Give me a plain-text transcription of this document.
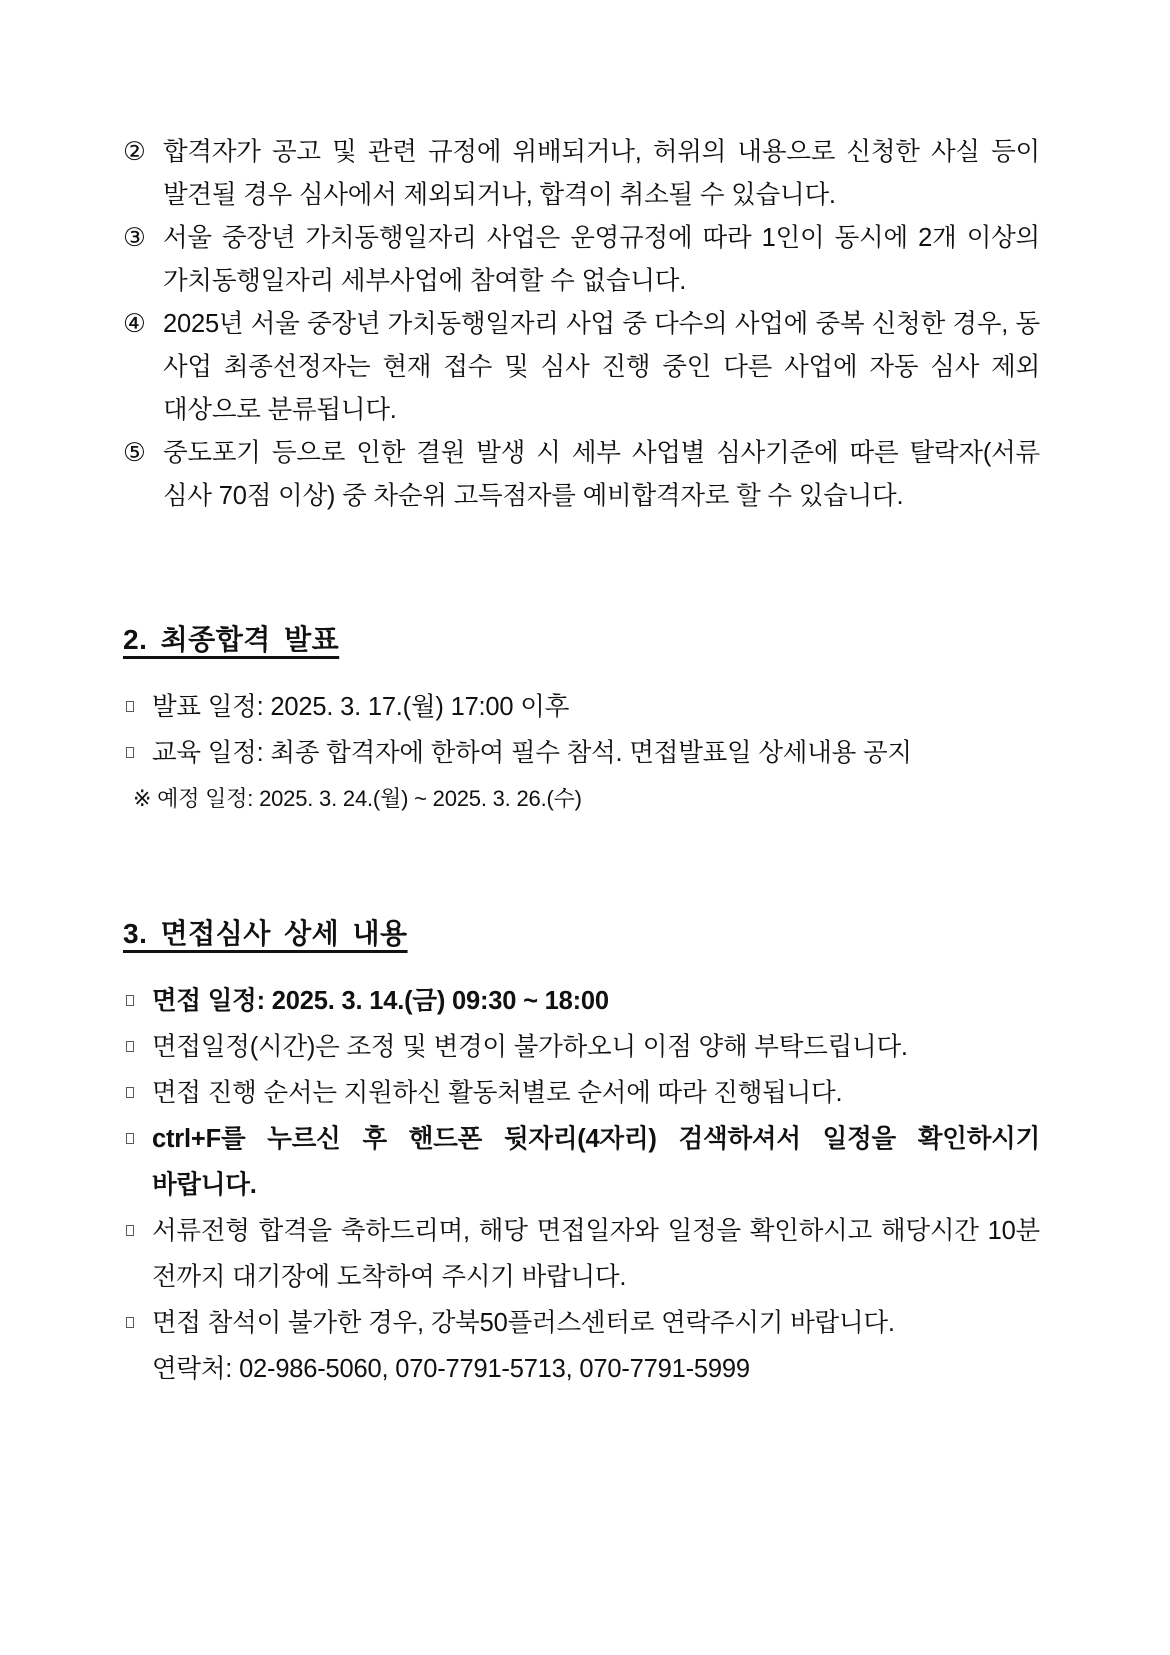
② 합격자가 공고 및 관련 규정에 위배되거나, 허위의 내용으로 신청한 사실 등이 발견될 경우 심사에서 제외되거나, 합격이 취소될 수 있습니다.
③ 서울 중장년 가치동행일자리 사업은 운영규정에 따라 1인이 동시에 2개 이상의 가치동행일자리 세부사업에 참여할 수 없습니다.
④ 2025년 서울 중장년 가치동행일자리 사업 중 다수의 사업에 중복 신청한 경우, 동 사업 최종선정자는 현재 접수 및 심사 진행 중인 다른 사업에 자동 심사 제외 대상으로 분류됩니다.
⑤ 중도포기 등으로 인한 결원 발생 시 세부 사업별 심사기준에 따른 탈락자(서류 심사 70점 이상) 중 차순위 고득점자를 예비합격자로 할 수 있습니다.
2. 최종합격 발표
발표 일정: 2025. 3. 17.(월) 17:00 이후
교육 일정: 최종 합격자에 한하여 필수 참석. 면접발표일 상세내용 공지
※ 예정 일정: 2025. 3. 24.(월) ~ 2025. 3. 26.(수)
3. 면접심사 상세 내용
면접 일정: 2025. 3. 14.(금) 09:30 ~ 18:00
면접일정(시간)은 조정 및 변경이 불가하오니 이점 양해 부탁드립니다.
면접 진행 순서는 지원하신 활동처별로 순서에 따라 진행됩니다.
ctrl+F를 누르신 후 핸드폰 뒷자리(4자리) 검색하셔서 일정을 확인하시기 바랍니다.
서류전형 합격을 축하드리며, 해당 면접일자와 일정을 확인하시고 해당시간 10분 전까지 대기장에 도착하여 주시기 바랍니다.
면접 참석이 불가한 경우, 강북50플러스센터로 연락주시기 바랍니다.
연락처: 02-986-5060, 070-7791-5713, 070-7791-5999
